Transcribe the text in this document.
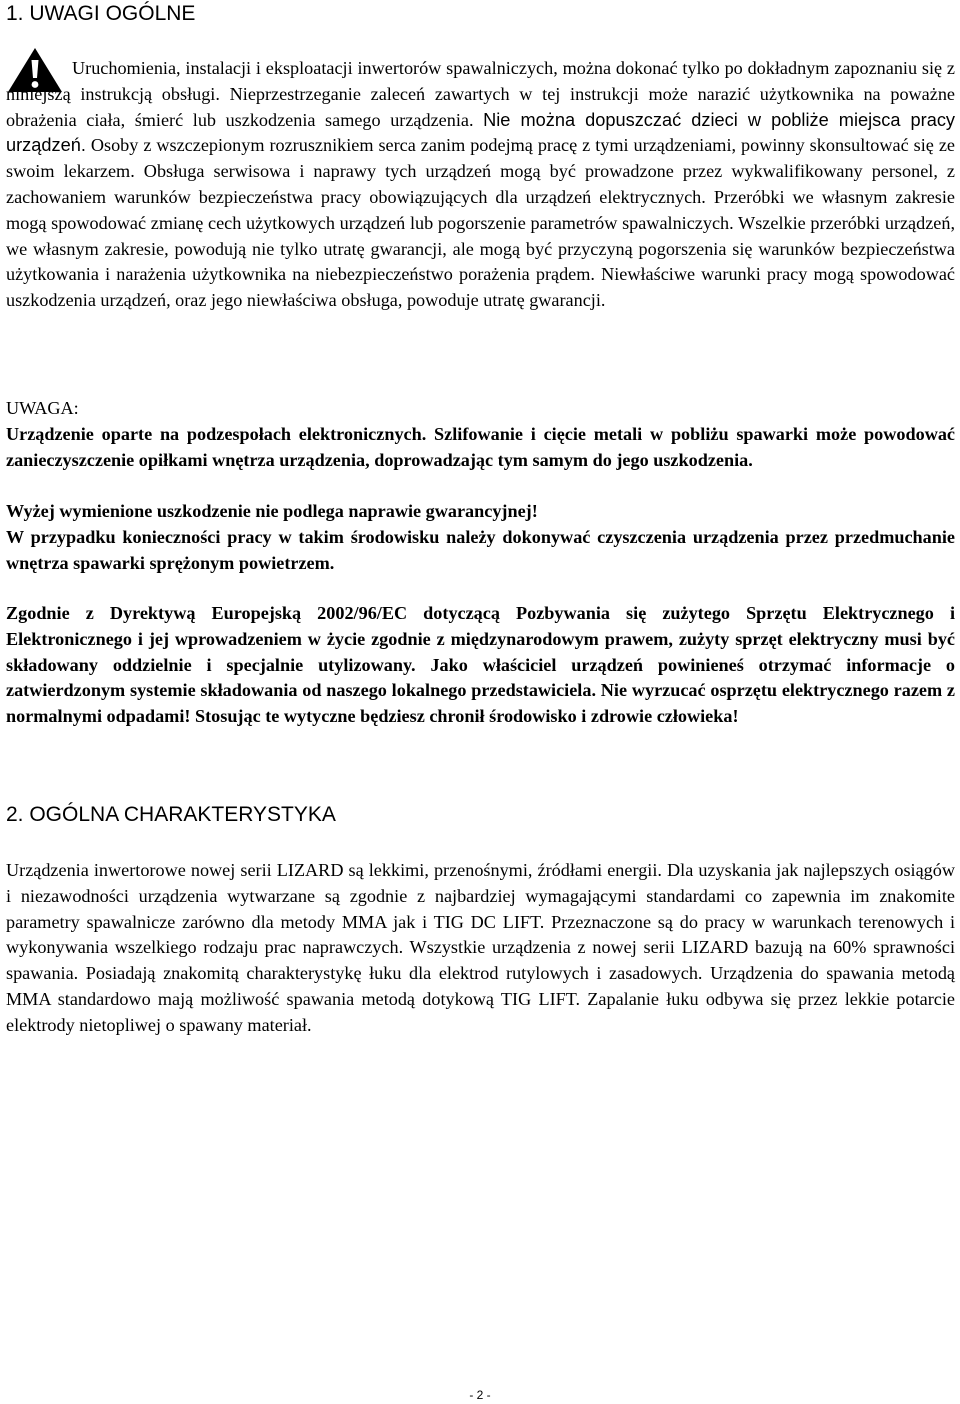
1. UWAGI OGÓLNE

Uruchomienia, instalacji i eksploatacji inwertorów spawalniczych, można dokonać tylko po dokładnym zapoznaniu się z niniejszą instrukcją obsługi. Nieprzestrzeganie zaleceń zawartych w tej instrukcji może narazić użytkownika na poważne obrażenia ciała, śmierć lub uszkodzenia samego urządzenia. Nie można dopuszczać dzieci w pobliże miejsca pracy urządzeń. Osoby z wszczepionym rozrusznikiem serca zanim podejmą pracę z tymi urządzeniami, powinny skonsultować się ze swoim lekarzem. Obsługa serwisowa i naprawy tych urządzeń mogą być prowadzone przez wykwalifikowany personel, z zachowaniem warunków bezpieczeństwa pracy obowiązujących dla urządzeń elektrycznych. Przeróbki we własnym zakresie mogą spowodować zmianę cech użytkowych urządzeń lub pogorszenie parametrów spawalniczych. Wszelkie przeróbki urządzeń, we własnym zakresie, powodują nie tylko utratę gwarancji, ale mogą być przyczyną pogorszenia się warunków bezpieczeństwa użytkowania i narażenia użytkownika na niebezpieczeństwo porażenia prądem. Niewłaściwe warunki pracy mogą spowodować uszkodzenia urządzeń, oraz jego niewłaściwa obsługa, powoduje utratę gwarancji.

UWAGA:

Urządzenie oparte na podzespołach elektronicznych. Szlifowanie i cięcie metali w pobliżu spawarki może powodować zanieczyszczenie opiłkami wnętrza urządzenia, doprowadzając tym samym do jego uszkodzenia.

Wyżej wymienione uszkodzenie nie podlega naprawie gwarancyjnej!

W przypadku konieczności pracy w takim środowisku należy dokonywać czyszczenia urządzenia przez przedmuchanie wnętrza spawarki sprężonym powietrzem.

Zgodnie z Dyrektywą Europejską 2002/96/EC dotyczącą Pozbywania się zużytego Sprzętu Elektrycznego i Elektronicznego i jej wprowadzeniem w życie zgodnie z międzynarodowym prawem, zużyty sprzęt elektryczny musi być składowany oddzielnie i specjalnie utylizowany. Jako właściciel urządzeń powinieneś otrzymać informacje o zatwierdzonym systemie składowania od naszego lokalnego przedstawiciela. Nie wyrzucać osprzętu elektrycznego razem z normalnymi odpadami! Stosując te wytyczne będziesz chronił środowisko i zdrowie człowieka!

2. OGÓLNA CHARAKTERYSTYKA

Urządzenia inwertorowe nowej serii LIZARD są lekkimi, przenośnymi, źródłami energii. Dla uzyskania jak najlepszych osiągów i niezawodności urządzenia wytwarzane są zgodnie z najbardziej wymagającymi standardami co zapewnia im znakomite parametry spawalnicze zarówno dla metody MMA jak i TIG DC LIFT. Przeznaczone są do pracy w warunkach terenowych i wykonywania wszelkiego rodzaju prac naprawczych. Wszystkie urządzenia z nowej serii LIZARD bazują na 60% sprawności spawania. Posiadają znakomitą charakterystykę łuku dla elektrod rutylowych i zasadowych. Urządzenia do spawania metodą MMA standardowo mają możliwość spawania metodą dotykową TIG LIFT. Zapalanie łuku odbywa się przez lekkie potarcie elektrody nietopliwej o spawany materiał.

- 2 -
